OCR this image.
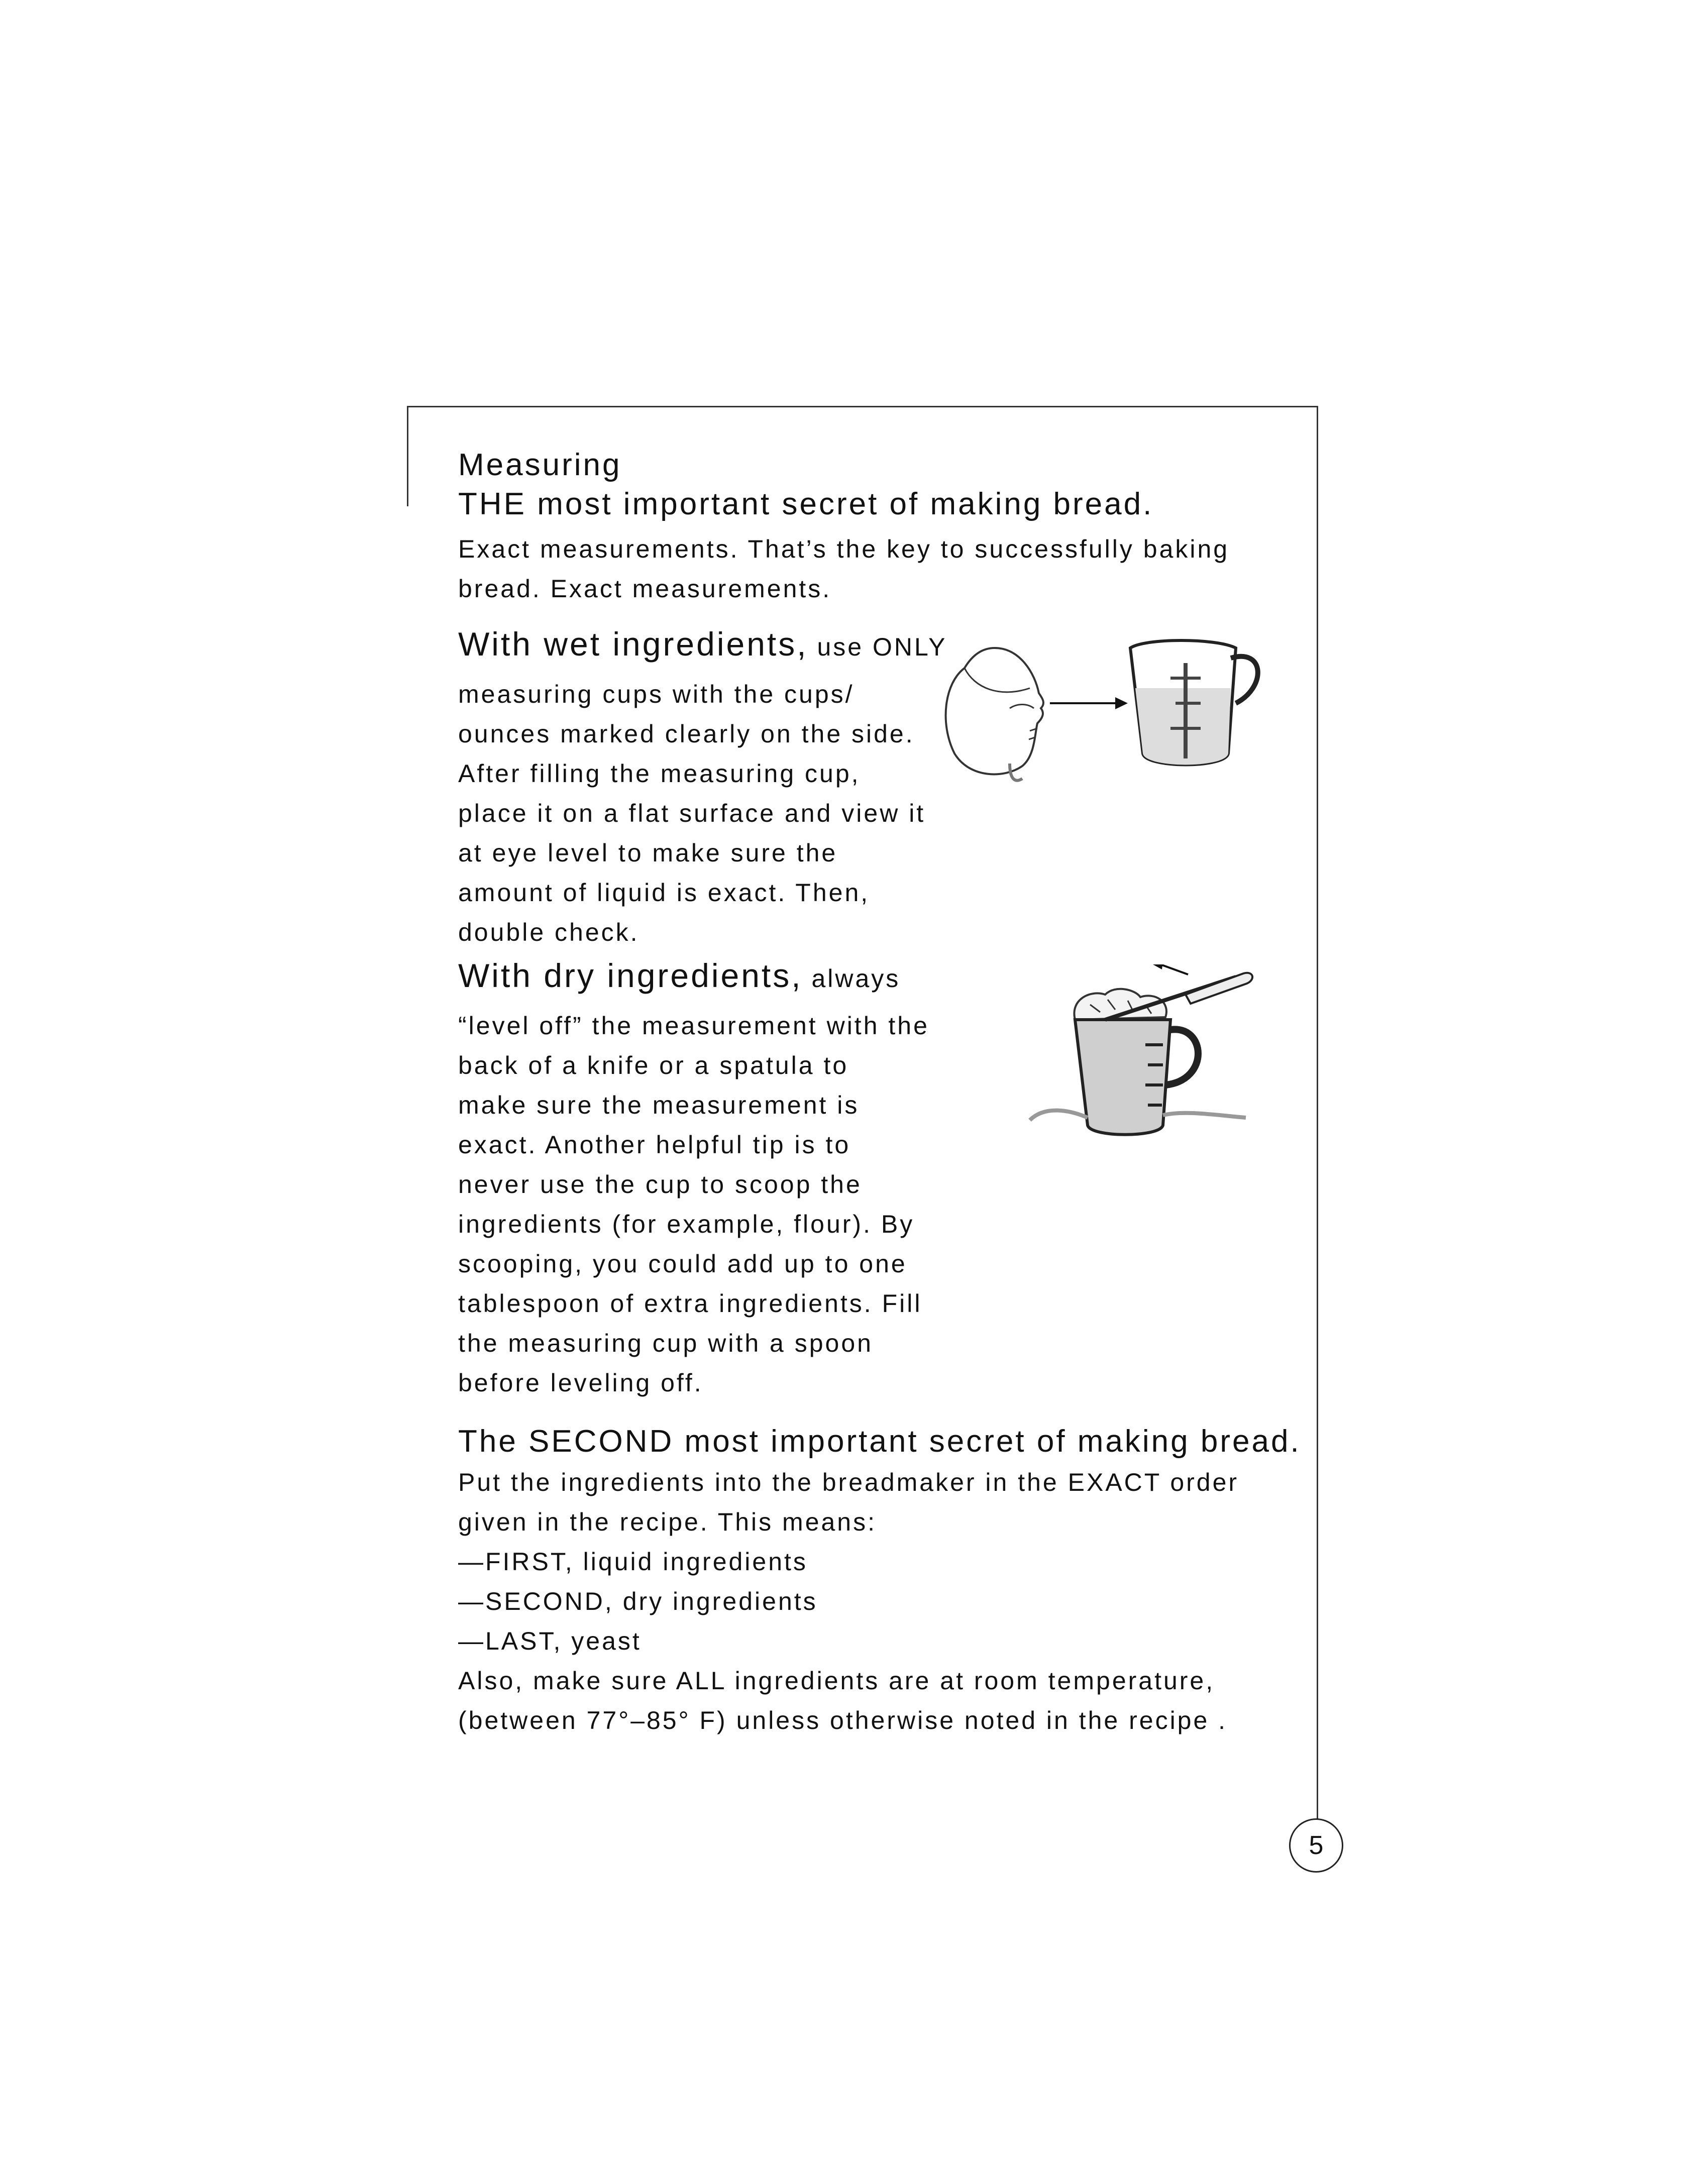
Measuring
THE most important secret of making bread.
Exact measurements. That’s the key to successfully baking
bread. Exact measurements.
With wet ingredients, use ONLY
measuring cups with the cups/
ounces marked clearly on the side.
After filling the measuring cup,
place it on a flat surface and view it
at eye level to make sure the
amount of liquid is exact. Then,
double check.
With dry ingredients, always
“level off” the measurement with the
back of a knife or a spatula to
make sure the measurement is
exact. Another helpful tip is to
never use the cup to scoop the
ingredients (for example, flour). By
scooping, you could add up to one
tablespoon of extra ingredients. Fill
the measuring cup with a spoon
before leveling off.
The SECOND most important secret of making bread.
Put the ingredients into the breadmaker in the EXACT order
given in the recipe. This means:
—FIRST, liquid ingredients
—SECOND, dry ingredients
—LAST, yeast
Also, make sure ALL ingredients are at room temperature,
(between 77°–85° F) unless otherwise noted in the recipe .
5
